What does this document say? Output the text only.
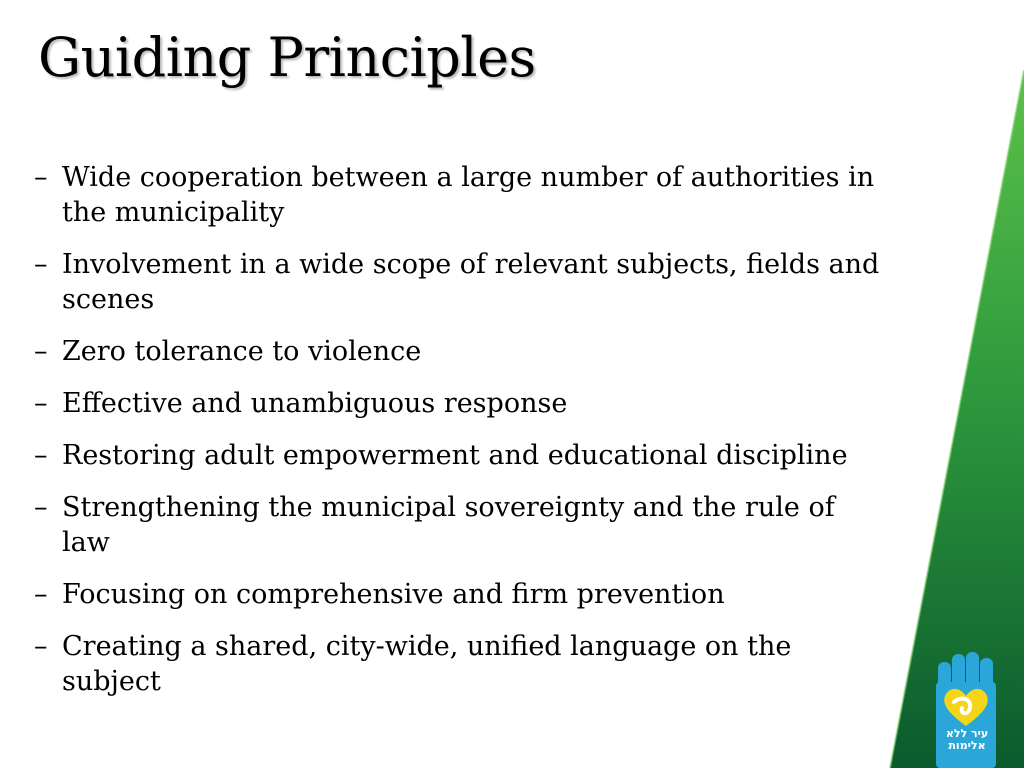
Guiding Principles
– Wide cooperation between a large number of authorities in the municipality
– Involvement in a wide scope of relevant subjects, fields and scenes
– Zero tolerance to violence
– Effective and unambiguous response
– Restoring adult empowerment and educational discipline
– Strengthening the municipal sovereignty and the rule of law
– Focusing on comprehensive and firm prevention
– Creating a shared, city-wide, unified language on the subject
עיר ללא אלימות
